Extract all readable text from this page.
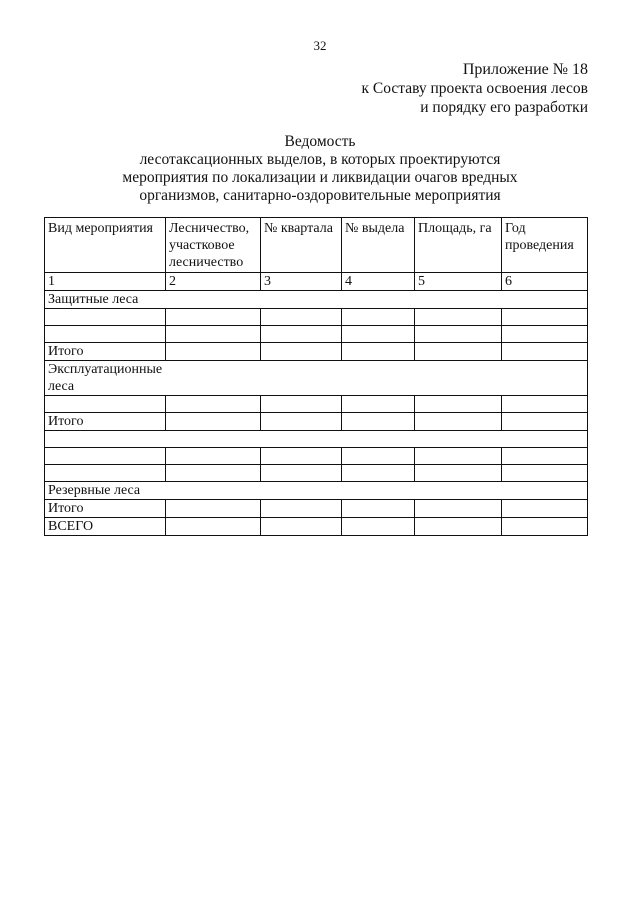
32
Приложение № 18
к Составу проекта освоения лесов
и порядку его разработки
Ведомость
лесотаксационных выделов, в которых проектируются
мероприятия по локализации и ликвидации очагов вредных
организмов, санитарно-оздоровительные мероприятия
Вид мероприятия	Лесничество, участковое лесничество	№ квартала	№ выдела	Площадь, га	Год проведения
1	2	3	4	5	6
Защитные леса					

Итого					

Эксплуатационные леса					

Итого					

Резервные леса					
Итого					
ВСЕГО					
